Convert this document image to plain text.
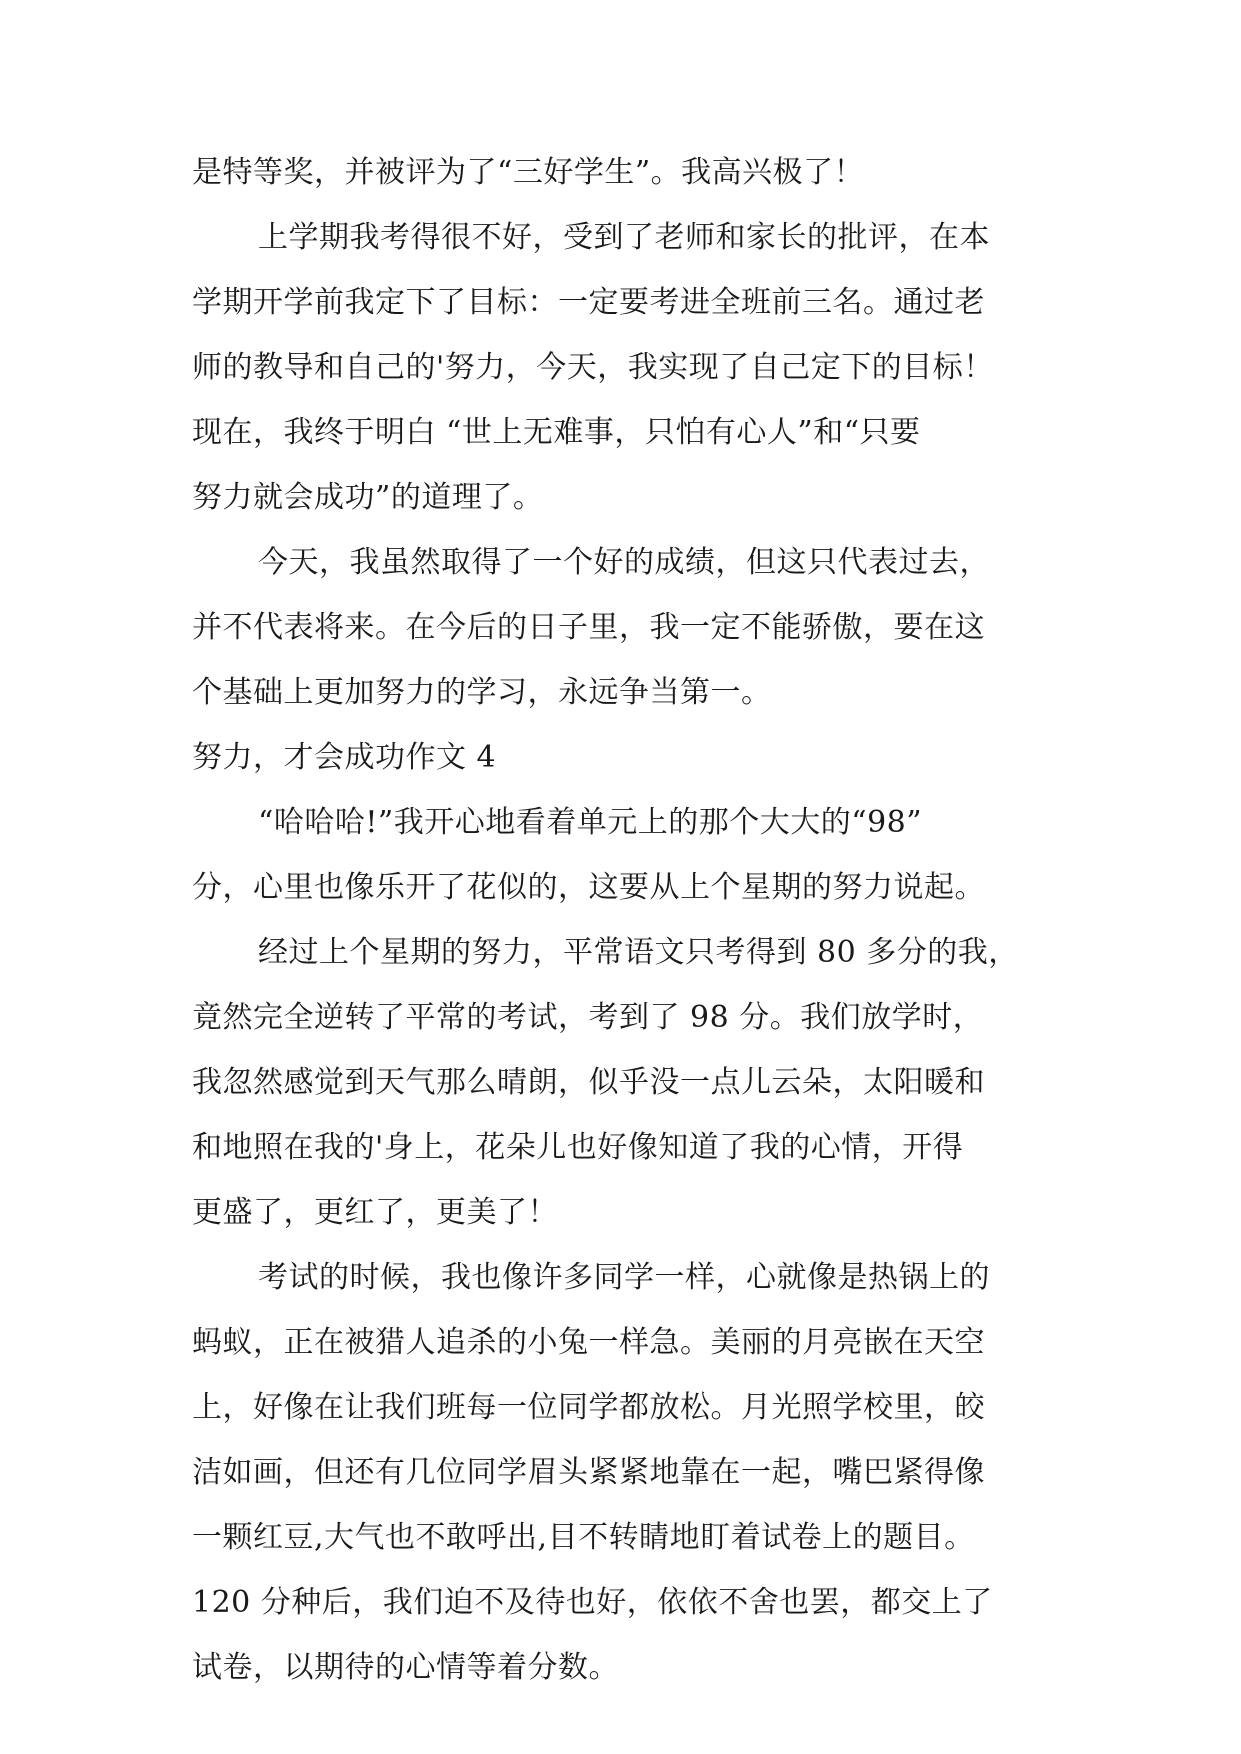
是特等奖，并被评为了“三好学生”。我高兴极了！
上学期我考得很不好，受到了老师和家长的批评，在本
学期开学前我定下了目标：一定要考进全班前三名。通过老
师的教导和自己的'努力，今天，我实现了自己定下的目标！
现在，我终于明白 “世上无难事，只怕有心人”和“只要
努力就会成功”的道理了。
今天，我虽然取得了一个好的成绩，但这只代表过去，
并不代表将来。在今后的日子里，我一定不能骄傲，要在这
个基础上更加努力的学习，永远争当第一。
努力，才会成功作文 4
“哈哈哈!”我开心地看着单元上的那个大大的“98”
分，心里也像乐开了花似的，这要从上个星期的努力说起。
经过上个星期的努力，平常语文只考得到 80 多分的我，
竟然完全逆转了平常的考试，考到了 98 分。我们放学时，
我忽然感觉到天气那么晴朗，似乎没一点儿云朵，太阳暖和
和地照在我的'身上，花朵儿也好像知道了我的心情，开得
更盛了，更红了，更美了！
考试的时候，我也像许多同学一样，心就像是热锅上的
蚂蚁，正在被猎人追杀的小兔一样急。美丽的月亮嵌在天空
上，好像在让我们班每一位同学都放松。月光照学校里，皎
洁如画，但还有几位同学眉头紧紧地靠在一起，嘴巴紧得像
一颗红豆,大气也不敢呼出,目不转睛地盯着试卷上的题目。
120 分种后，我们迫不及待也好，依依不舍也罢，都交上了
试卷，以期待的心情等着分数。
